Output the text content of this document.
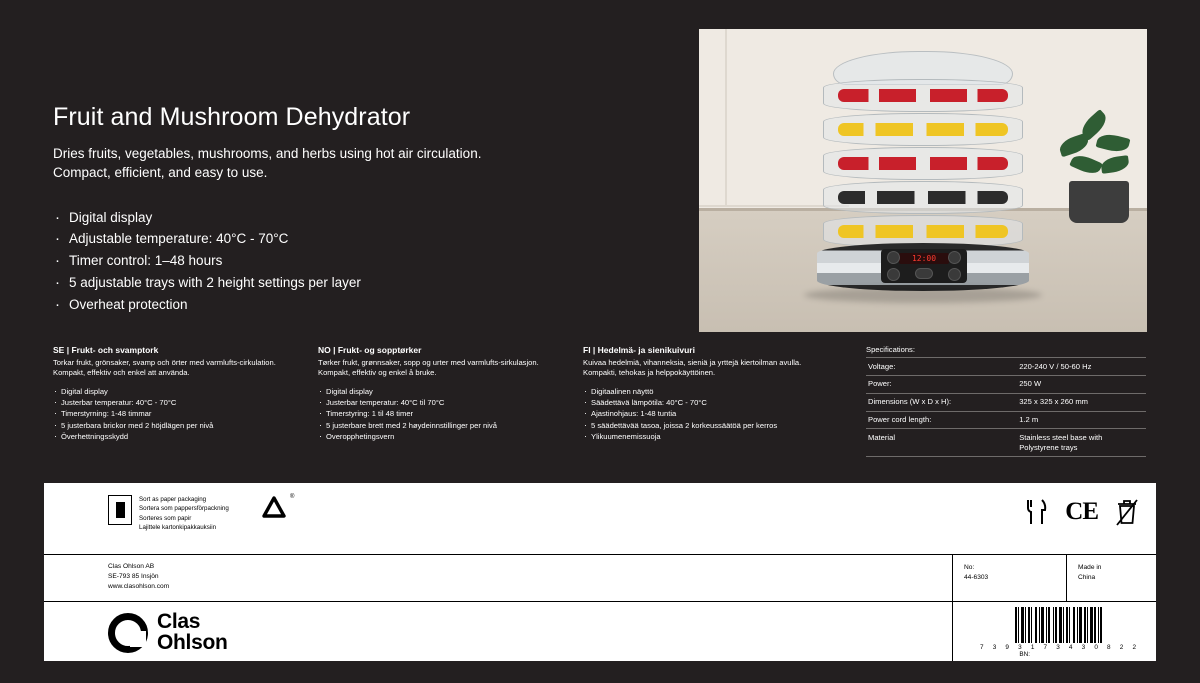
Fruit and Mushroom Dehydrator

Dries fruits, vegetables, mushrooms, and herbs using hot air circulation.
Compact, efficient, and easy to use.

· Digital display
· Adjustable temperature: 40°C - 70°C
· Timer control: 1–48 hours
· 5 adjustable trays with 2 height settings per layer
· Overheat protection
12:00
SE | Frukt- och svamptork
Torkar frukt, grönsaker, svamp och örter med varmlufts-cirkulation. Kompakt, effektiv och enkel att använda.
· Digital display
· Justerbar temperatur: 40°C - 70°C
· Timerstyrning: 1-48 timmar
· 5 justerbara brickor med 2 höjdlägen per nivå
· Överhettningsskydd
NO | Frukt- og sopptørker
Tørker frukt, grønnsaker, sopp og urter med varmlufts-sirkulasjon. Kompakt, effektiv og enkel å bruke.
· Digital display
· Justerbar temperatur: 40°C til 70°C
· Timerstyring: 1 til 48 timer
· 5 justerbare brett med 2 høydeinnstillinger per nivå
· Overopphetingsvern
FI | Hedelmä- ja sienikuivuri
Kuivaa hedelmiä, vihanneksia, sieniä ja yrttejä kiertoilman avulla. Kompakti, tehokas ja helppokäyttöinen.
· Digitaalinen näyttö
· Säädettävä lämpötila: 40°C - 70°C
· Ajastinohjaus: 1-48 tuntia
· 5 säädettävää tasoa, joissa 2 korkeussäätöä per kerros
· Ylikuumenemissuoja
Specifications:
Voltage:	220-240 V / 50-60 Hz
Power:	250 W
Dimensions (W x D x H):	325 x 325 x 260 mm
Power cord length:	1.2 m
Material	Stainless steel base with Polystyrene trays
Sort as paper packaging
Sortera som pappersförpackning
Sorteres som papir
Lajittele kartonkipakkauksiin
®
CE
Clas Ohlson AB
SE-793 85 Insjön
www.clasohlson.com
No:
44-6303
Made in
China
Clas
Ohlson	7 3 9 3 1 7 3 4 3 0 8 2 2
BN:
